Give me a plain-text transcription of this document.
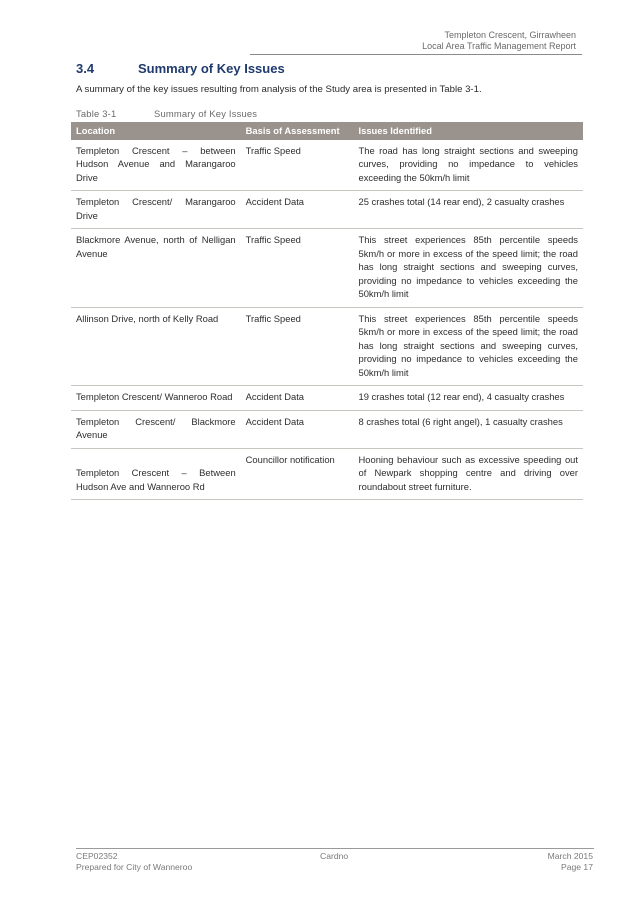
Templeton Crescent, Girrawheen
Local Area Traffic Management Report
3.4	Summary of Key Issues
A summary of the key issues resulting from analysis of the Study area is presented in Table 3-1.
Table 3-1	Summary of Key Issues
Location	Basis of Assessment	Issues Identified
Templeton Crescent – between Hudson Avenue and Marangaroo Drive	Traffic Speed	The road has long straight sections and sweeping curves, providing no impedance to vehicles exceeding the 50km/h limit
Templeton Crescent/ Marangaroo Drive	Accident Data	25 crashes total (14 rear end), 2 casualty crashes
Blackmore Avenue, north of Nelligan Avenue	Traffic Speed	This street experiences 85th percentile speeds 5km/h or more in excess of the speed limit; the road has long straight sections and sweeping curves, providing no impedance to vehicles exceeding the 50km/h limit
Allinson Drive, north of Kelly Road	Traffic Speed	This street experiences 85th percentile speeds 5km/h or more in excess of the speed limit; the road has long straight sections and sweeping curves, providing no impedance to vehicles exceeding the 50km/h limit
Templeton Crescent/ Wanneroo Road	Accident Data	19 crashes total (12 rear end), 4 casualty crashes
Templeton Crescent/ Blackmore Avenue	Accident Data	8 crashes total (6 right angel), 1 casualty crashes
Templeton Crescent – Between Hudson Ave and Wanneroo Rd	Councillor notification	Hooning behaviour such as excessive speeding out of Newpark shopping centre and driving over roundabout street furniture.
CEP02352
Prepared for City of Wanneroo
Cardno	March 2015
Page 17
